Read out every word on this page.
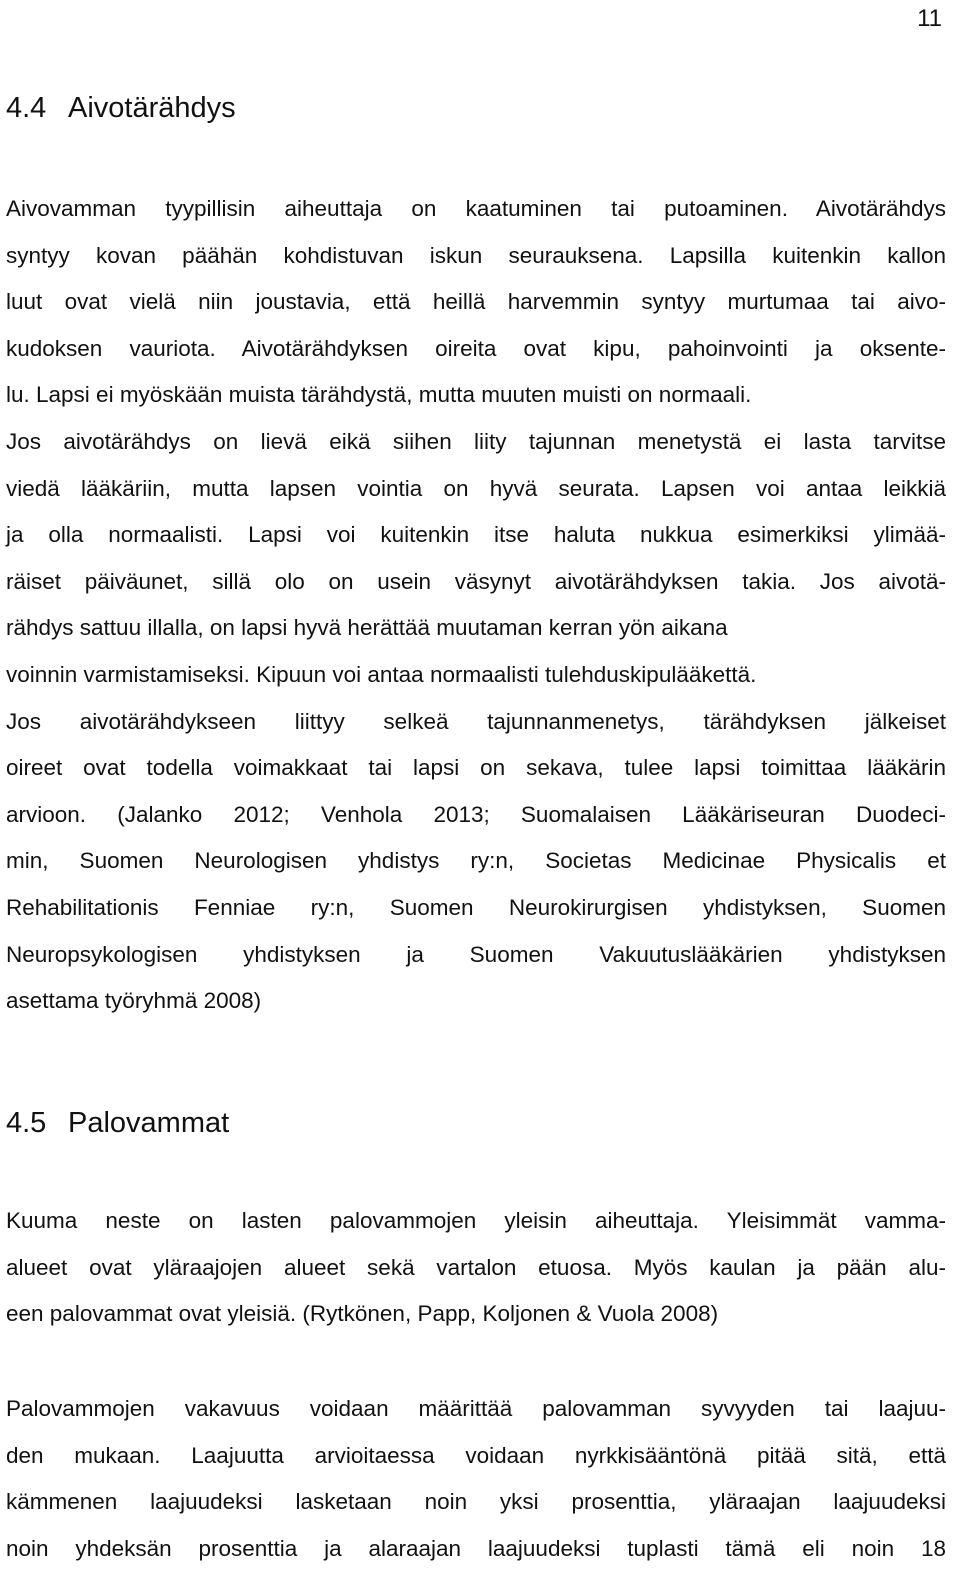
11
4.4 Aivotärähdys

Aivovamman tyypillisin aiheuttaja on kaatuminen tai putoaminen. Aivotärähdys
syntyy kovan päähän kohdistuvan iskun seurauksena. Lapsilla kuitenkin kallon
luut ovat vielä niin joustavia, että heillä harvemmin syntyy murtumaa tai aivo-
kudoksen vauriota. Aivotärähdyksen oireita ovat kipu, pahoinvointi ja oksente-
lu. Lapsi ei myöskään muista tärähdystä, mutta muuten muisti on normaali.
Jos aivotärähdys on lievä eikä siihen liity tajunnan menetystä ei lasta tarvitse
viedä lääkäriin, mutta lapsen vointia on hyvä seurata. Lapsen voi antaa leikkiä
ja olla normaalisti. Lapsi voi kuitenkin itse haluta nukkua esimerkiksi ylimää-
räiset päiväunet, sillä olo on usein väsynyt aivotärähdyksen takia. Jos aivotä-
rähdys sattuu illalla, on lapsi hyvä herättää muutaman kerran yön aikana
voinnin varmistamiseksi. Kipuun voi antaa normaalisti tulehduskipulääkettä.
Jos aivotärähdykseen liittyy selkeä tajunnanmenetys, tärähdyksen jälkeiset
oireet ovat todella voimakkaat tai lapsi on sekava, tulee lapsi toimittaa lääkärin
arvioon. (Jalanko 2012; Venhola 2013; Suomalaisen Lääkäriseuran Duodeci-
min, Suomen Neurologisen yhdistys ry:n, Societas Medicinae Physicalis et
Rehabilitationis Fenniae ry:n, Suomen Neurokirurgisen yhdistyksen, Suomen
Neuropsykologisen yhdistyksen ja Suomen Vakuutuslääkärien yhdistyksen
asettama työryhmä 2008)

4.5 Palovammat

Kuuma neste on lasten palovammojen yleisin aiheuttaja. Yleisimmät vamma-
alueet ovat yläraajojen alueet sekä vartalon etuosa. Myös kaulan ja pään alu-
een palovammat ovat yleisiä. (Rytkönen, Papp, Koljonen & Vuola 2008)

Palovammojen vakavuus voidaan määrittää palovamman syvyyden tai laajuu-
den mukaan. Laajuutta arvioitaessa voidaan nyrkkisääntönä pitää sitä, että
kämmenen laajuudeksi lasketaan noin yksi prosenttia, yläraajan laajuudeksi
noin yhdeksän prosenttia ja alaraajan laajuudeksi tuplasti tämä eli noin 18
